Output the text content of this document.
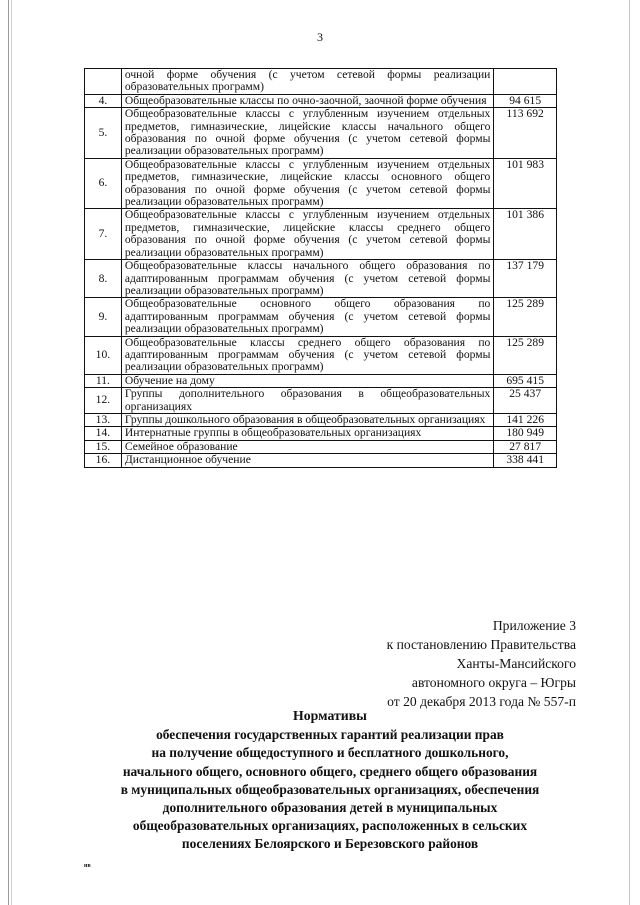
3
	очной форме обучения (с учетом сетевой формы реализации образовательных программ)	
4.	Общеобразовательные классы по очно-заочной, заочной форме обучения	94 615
5.	Общеобразовательные классы с углубленным изучением отдельных предметов, гимназические, лицейские классы начального общего образования по очной форме обучения (с учетом сетевой формы реализации образовательных программ)	113 692
6.	Общеобразовательные классы с углубленным изучением отдельных предметов, гимназические, лицейские классы основного общего образования по очной форме обучения (с учетом сетевой формы реализации образовательных программ)	101 983
7.	Общеобразовательные классы с углубленным изучением отдельных предметов, гимназические, лицейские классы среднего общего образования по очной форме обучения (с учетом сетевой формы реализации образовательных программ)	101 386
8.	Общеобразовательные классы начального общего образования по адаптированным программам обучения (с учетом сетевой формы реализации образовательных программ)	137 179
9.	Общеобразовательные основного общего образования по адаптированным программам обучения (с учетом сетевой формы реализации образовательных программ)	125 289
10.	Общеобразовательные классы среднего общего образования по адаптированным программам обучения (с учетом сетевой формы реализации образовательных программ)	125 289
11.	Обучение на дому	695 415
12.	Группы дополнительного образования в общеобразовательных организациях	25 437
13.	Группы дошкольного образования в общеобразовательных организациях	141 226
14.	Интернатные группы в общеобразовательных организациях	180 949
15.	Семейное образование	27 817
16.	Дистанционное обучение	338 441
Приложение 3
к постановлению Правительства
Ханты-Мансийского
автономного округа – Югры
от 20 декабря 2013 года № 557-п
Нормативы
обеспечения государственных гарантий реализации прав
на получение общедоступного и бесплатного дошкольного,
начального общего, основного общего, среднего общего образования
в муниципальных общеобразовательных организациях, обеспечения
дополнительного образования детей в муниципальных
общеобразовательных организациях, расположенных в сельских
поселениях Белоярского и Березовского районов
нв
